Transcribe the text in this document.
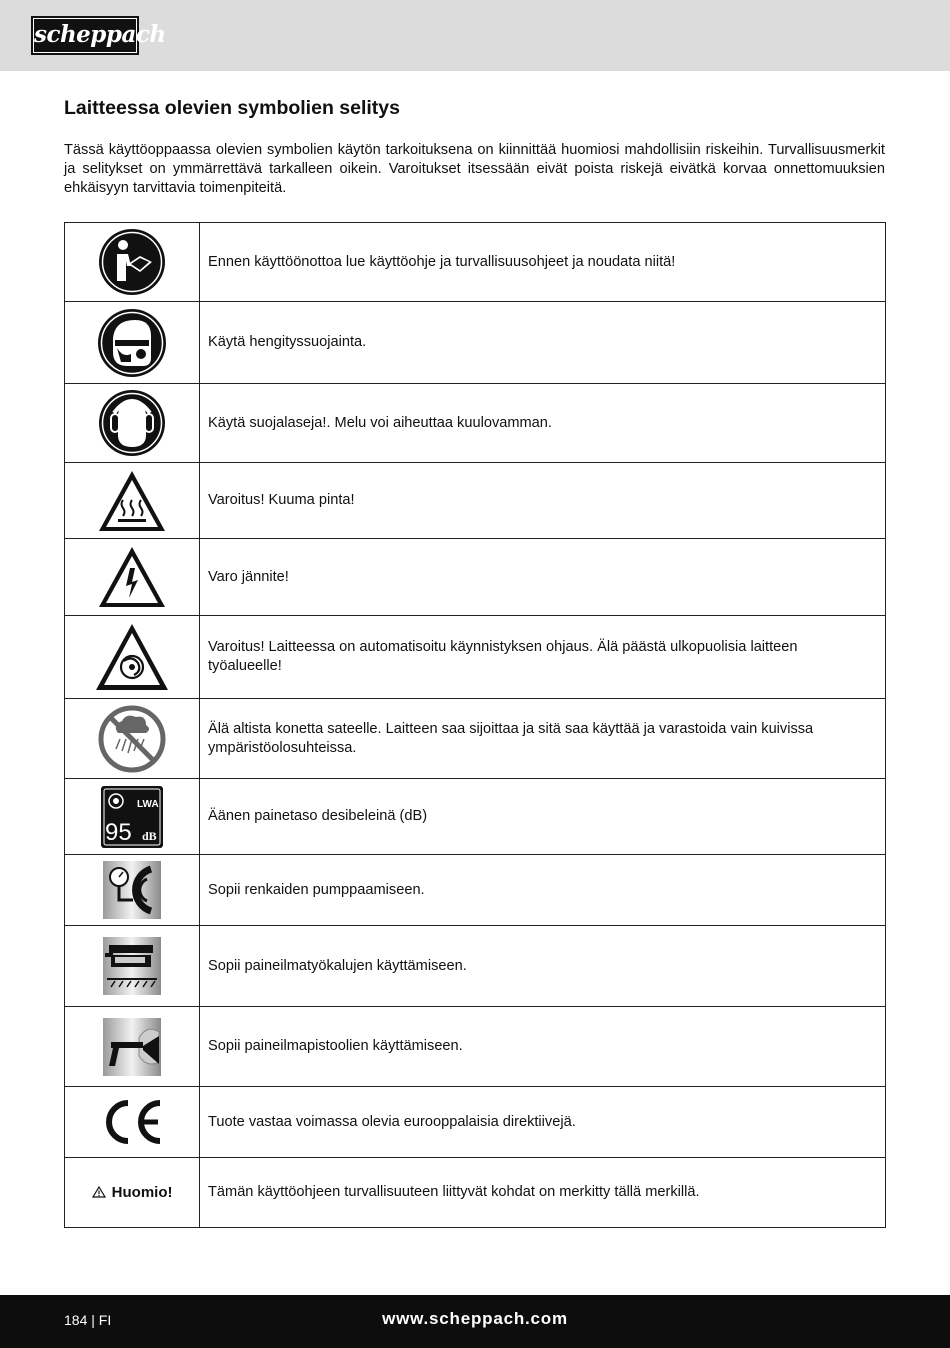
scheppach
Laitteessa olevien symbolien selitys

Tässä käyttöoppaassa olevien symbolien käytön tarkoituksena on kiinnittää huomiosi mahdollisiin riskeihin. Turvallisuusmerkit ja selitykset on ymmärrettävä tarkalleen oikein. Varoitukset itsessään eivät poista riskejä eivätkä korvaa onnettomuuksien ehkäisyyn tarvittavia toimenpiteitä.

	Ennen käyttöönottoa lue käyttöohje ja turvallisuusohjeet ja noudata niitä!

	Käytä hengityssuojainta.

	Käytä suojalaseja!. Melu voi aiheuttaa kuulovamman.

	Varoitus! Kuuma pinta!

	Varo jännite!

	Varoitus! Laitteessa on automatisoitu käynnistyksen ohjaus. Älä päästä ulkopuolisia laitteen työalueelle!

	Älä altista konetta sateelle. Laitteen saa sijoittaa ja sitä saa käyttää ja varastoida vain kuivissa ympäristöolosuhteissa.

LWA
95 dB	Äänen painetaso desibeleinä (dB)

	Sopii renkaiden pumppaamiseen.

	Sopii paineilmatyökalujen käyttämiseen.

	Sopii paineilmapistoolien käyttämiseen.

	Tuote vastaa voimassa olevia eurooppalaisia direktiivejä.
Huomio!	Tämän käyttöohjeen turvallisuuteen liittyvät kohdat on merkitty tällä merkillä.
184 | FI	www.scheppach.com
